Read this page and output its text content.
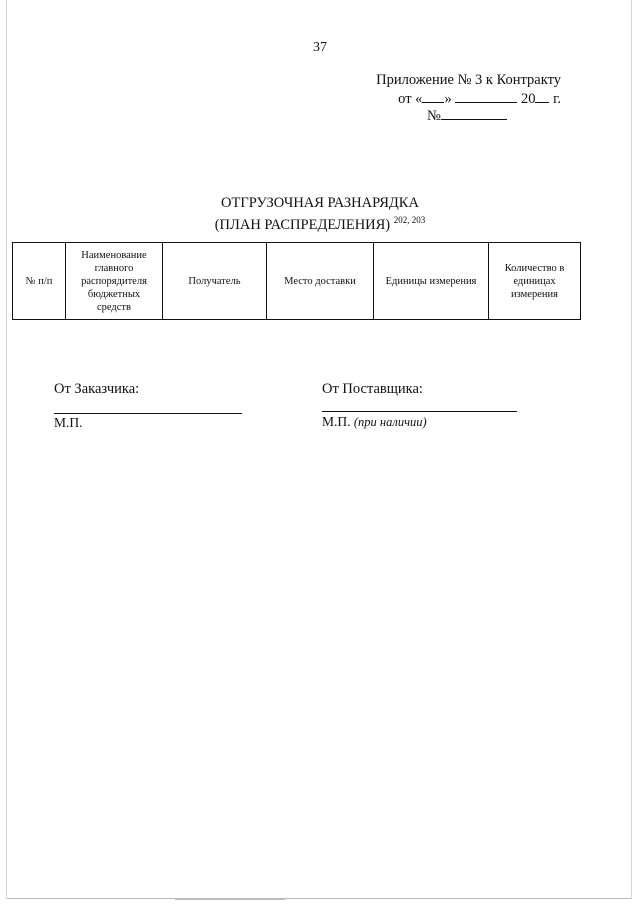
37
Приложение № 3 к Контракту
от « »	20 г.
№
ОТГРУЗОЧНАЯ РАЗНАРЯДКА
(ПЛАН РАСПРЕДЕЛЕНИЯ) $^{202, 203}$
№ п/п	Наименование главного распорядителя бюджетных средств	Получатель	Место доставки	Единицы измерения	Количество в единицах измерения
От Заказчика:	От Поставщика:
М.П.	М.П. (при наличии)
